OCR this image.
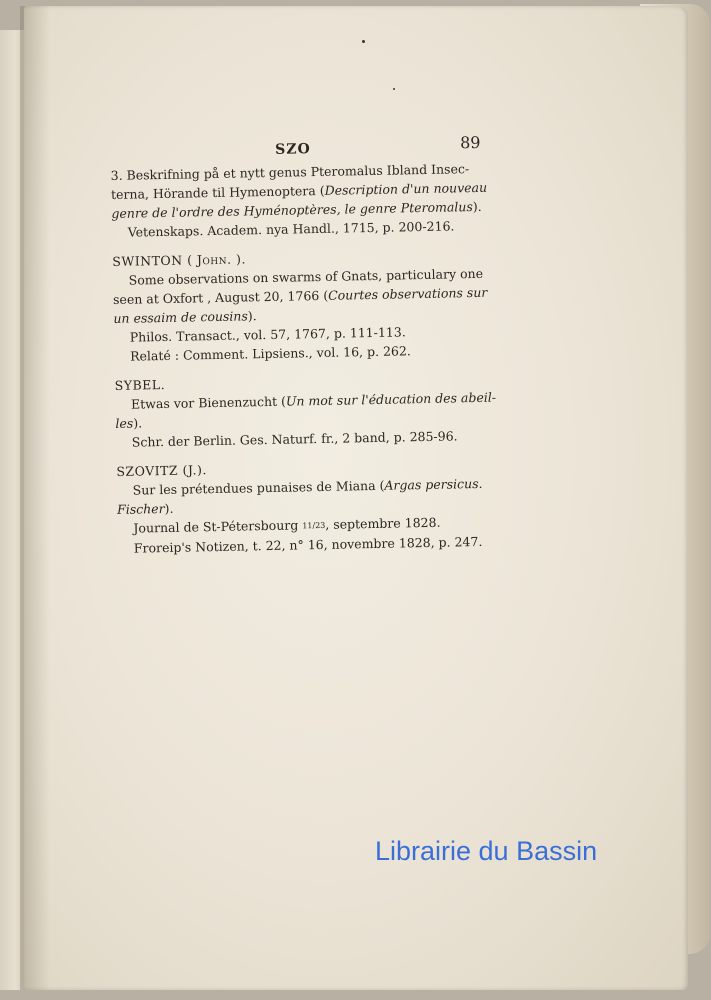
SZO	89
3. Beskrifning på et nytt genus Pteromalus Ibland Insec-
terna, Hörande til Hymenoptera (Description d'un nouveau
genre de l'ordre des Hyménoptères, le genre Pteromalus).
Vetenskaps. Academ. nya Handl., 1715, p. 200-216.
SWINTON ( John. ).
Some observations on swarms of Gnats, particulary one
seen at Oxfort , August 20, 1766 (Courtes observations sur
un essaim de cousins).
Philos. Transact., vol. 57, 1767, p. 111-113.
Relaté : Comment. Lipsiens., vol. 16, p. 262.
SYBEL.
Etwas vor Bienenzucht (Un mot sur l'éducation des abeil-
les).
Schr. der Berlin. Ges. Naturf. fr., 2 band, p. 285-96.
SZOVITZ (J.).
Sur les prétendues punaises de Miana (Argas persicus.
Fischer).
Journal de St-Pétersbourg 11/23, septembre 1828.
Froreip's Notizen, t. 22, n° 16, novembre 1828, p. 247.
Librairie du Bassin
